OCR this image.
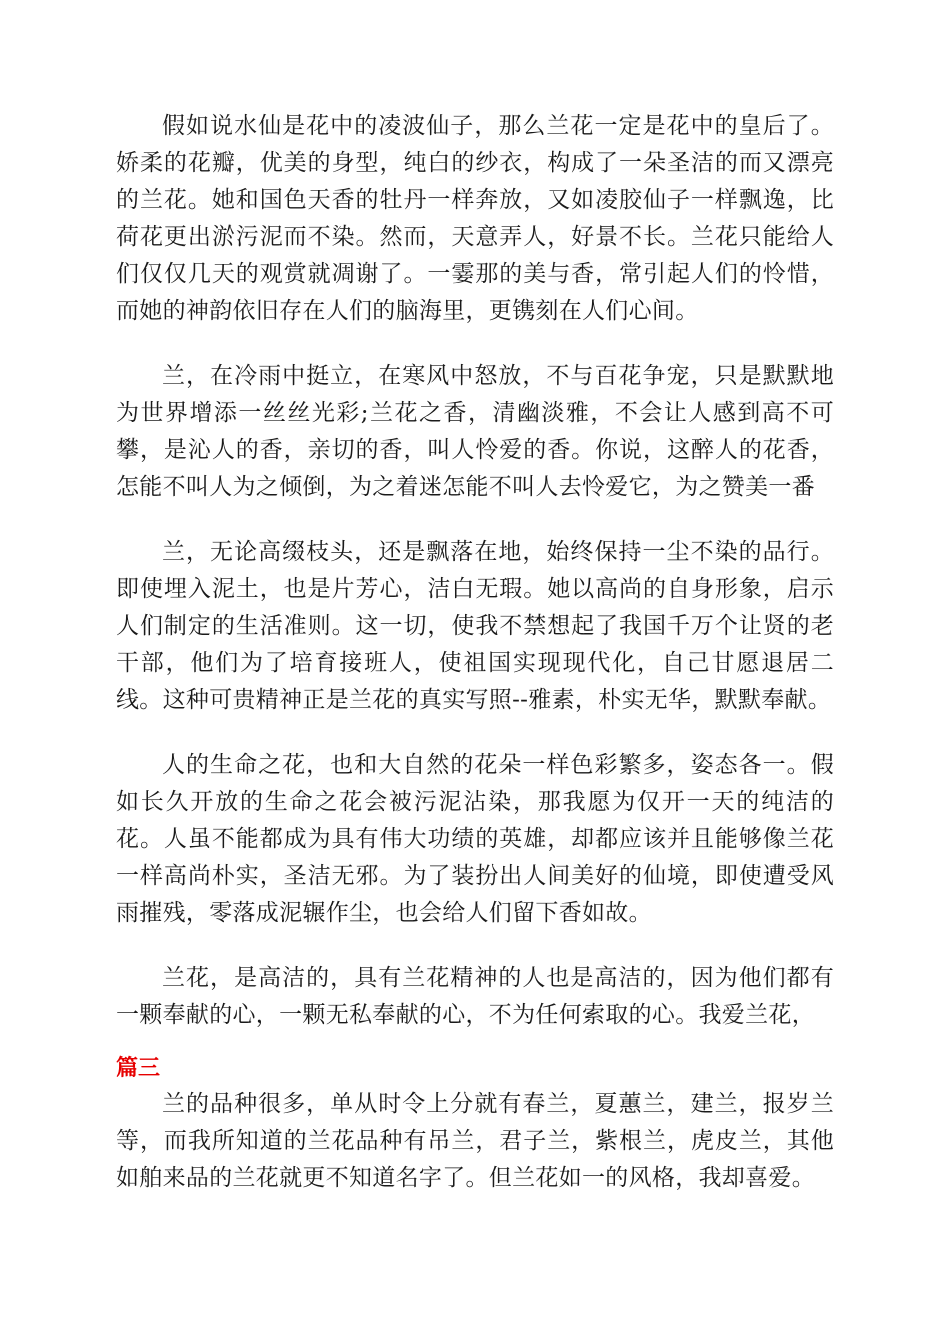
假如说水仙是花中的凌波仙子，那么兰花一定是花中的皇后了。娇柔的花瓣，优美的身型，纯白的纱衣，构成了一朵圣洁的而又漂亮的兰花。她和国色天香的牡丹一样奔放，又如凌胶仙子一样飘逸，比荷花更出淤污泥而不染。然而，天意弄人，好景不长。兰花只能给人们仅仅几天的观赏就凋谢了。一霎那的美与香，常引起人们的怜惜，而她的神韵依旧存在人们的脑海里，更镌刻在人们心间。

兰，在冷雨中挺立，在寒风中怒放，不与百花争宠，只是默默地为世界增添一丝丝光彩;兰花之香，清幽淡雅，不会让人感到高不可攀，是沁人的香，亲切的香，叫人怜爱的香。你说，这醉人的花香，怎能不叫人为之倾倒，为之着迷怎能不叫人去怜爱它，为之赞美一番

兰，无论高缀枝头，还是飘落在地，始终保持一尘不染的品行。即使埋入泥土，也是片芳心，洁白无瑕。她以高尚的自身形象，启示人们制定的生活准则。这一切，使我不禁想起了我国千万个让贤的老干部，他们为了培育接班人，使祖国实现现代化，自己甘愿退居二线。这种可贵精神正是兰花的真实写照--雅素，朴实无华，默默奉献。

人的生命之花，也和大自然的花朵一样色彩繁多，姿态各一。假如长久开放的生命之花会被污泥沾染，那我愿为仅开一天的纯洁的花。人虽不能都成为具有伟大功绩的英雄，却都应该并且能够像兰花一样高尚朴实，圣洁无邪。为了装扮出人间美好的仙境，即使遭受风雨摧残，零落成泥辗作尘，也会给人们留下香如故。

兰花，是高洁的，具有兰花精神的人也是高洁的，因为他们都有一颗奉献的心，一颗无私奉献的心，不为任何索取的心。我爱兰花，

篇三

兰的品种很多，单从时令上分就有春兰，夏蕙兰，建兰，报岁兰等，而我所知道的兰花品种有吊兰，君子兰，紫根兰，虎皮兰，其他如舶来品的兰花就更不知道名字了。但兰花如一的风格，我却喜爱。
